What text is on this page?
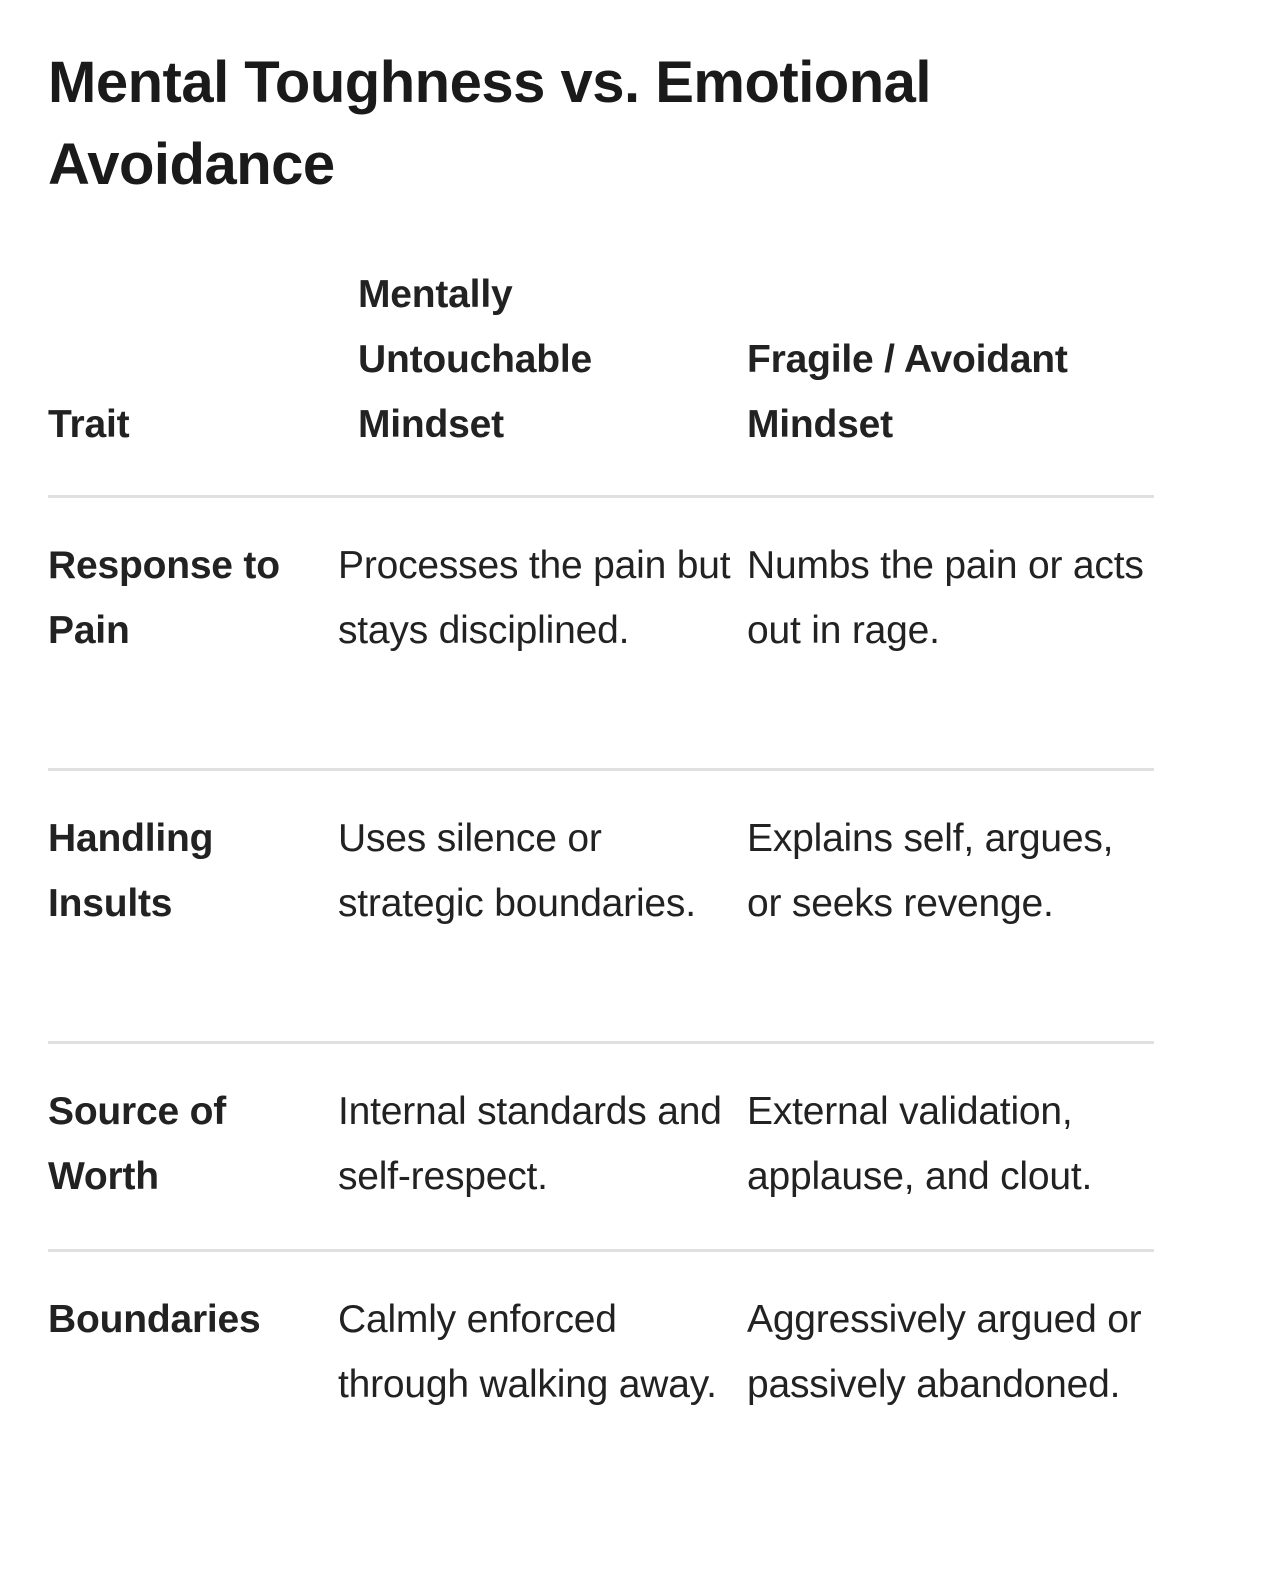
Mental Toughness vs. Emotional Avoidance
Trait
Mentally Untouchable Mindset
Fragile / Avoidant Mindset
Response to Pain
Processes the pain but stays disciplined.
Numbs the pain or acts out in rage.
Handling Insults
Uses silence or strategic boundaries.
Explains self, argues, or seeks revenge.
Source of Worth
Internal standards and self-respect.
External validation, applause, and clout.
Boundaries	Calmly enforced through walking away.
Aggressively argued or passively abandoned.
